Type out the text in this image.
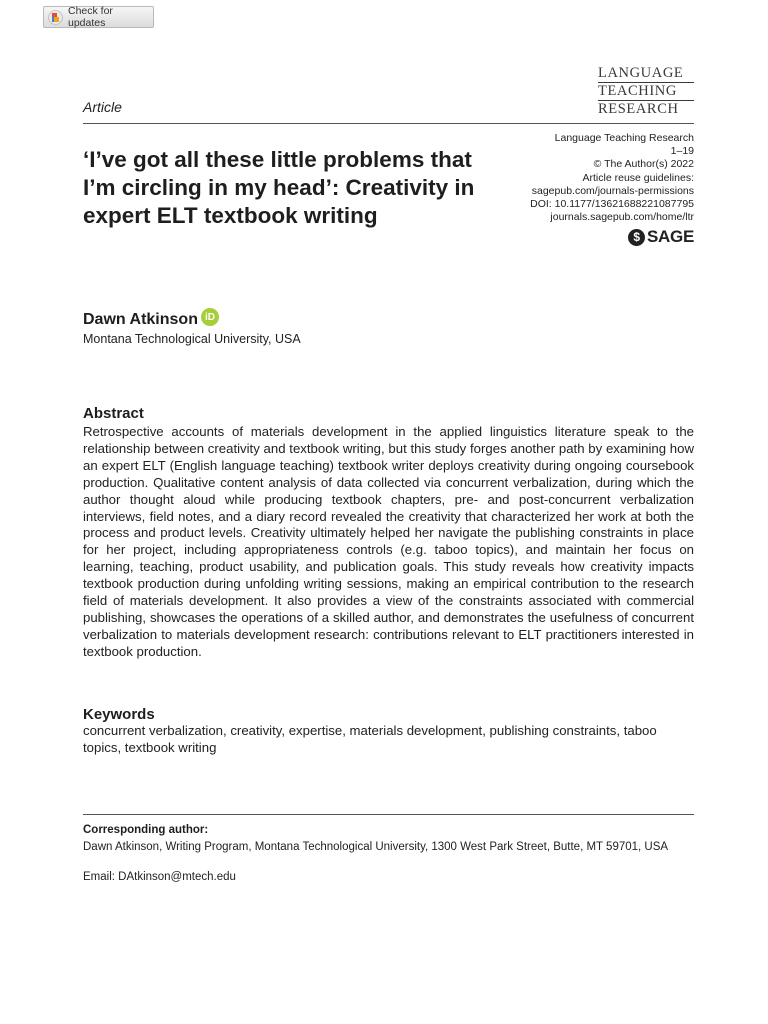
Check for updates
LANGUAGE
TEACHING
RESEARCH
Article
‘I’ve got all these little problems that I’m circling in my head’: Creativity in expert ELT textbook writing
Language Teaching Research
1–19
© The Author(s) 2022
Article reuse guidelines:
sagepub.com/journals-permissions
DOI: 10.1177/13621688221087795
journals.sagepub.com/home/ltr
$ SAGE
Dawn Atkinson iD
Montana Technological University, USA
Abstract

Retrospective accounts of materials development in the applied linguistics literature speak to the relationship between creativity and textbook writing, but this study forges another path by examining how an expert ELT (English language teaching) textbook writer deploys creativity during ongoing coursebook production. Qualitative content analysis of data collected via concurrent verbalization, during which the author thought aloud while producing textbook chapters, pre- and post-concurrent verbalization interviews, field notes, and a diary record revealed the creativity that characterized her work at both the process and product levels. Creativity ultimately helped her navigate the publishing constraints in place for her project, including appropriateness controls (e.g. taboo topics), and maintain her focus on learning, teaching, product usability, and publication goals. This study reveals how creativity impacts textbook production during unfolding writing sessions, making an empirical contribution to the research field of materials development. It also provides a view of the constraints associated with commercial publishing, showcases the operations of a skilled author, and demonstrates the usefulness of concurrent verbalization to materials development research: contributions relevant to ELT practitioners interested in textbook production.

Keywords

concurrent verbalization, creativity, expertise, materials development, publishing constraints, taboo topics, textbook writing

Corresponding author:

Dawn Atkinson, Writing Program, Montana Technological University, 1300 West Park Street, Butte, MT 59701, USA

Email: DAtkinson@mtech.edu
